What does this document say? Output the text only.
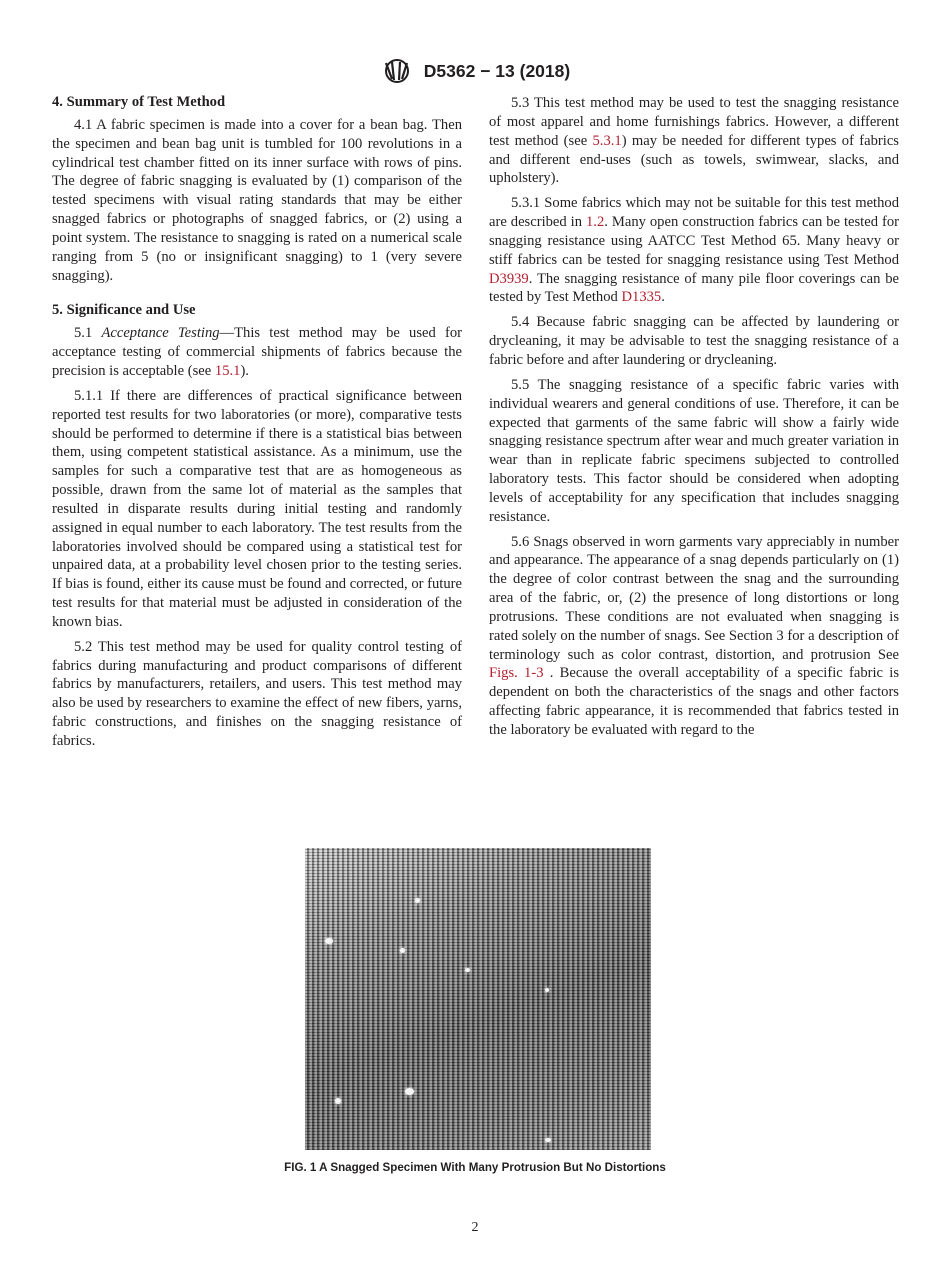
D5362 − 13 (2018)
4. Summary of Test Method

4.1 A fabric specimen is made into a cover for a bean bag. Then the specimen and bean bag unit is tumbled for 100 revolutions in a cylindrical test chamber fitted on its inner surface with rows of pins. The degree of fabric snagging is evaluated by (1) comparison of the tested specimens with visual rating standards that may be either snagged fabrics or photographs of snagged fabrics, or (2) using a point system. The resistance to snagging is rated on a numerical scale ranging from 5 (no or insignificant snagging) to 1 (very severe snagging).

5. Significance and Use

5.1 Acceptance Testing—This test method may be used for acceptance testing of commercial shipments of fabrics because the precision is acceptable (see 15.1).

5.1.1 If there are differences of practical significance between reported test results for two laboratories (or more), comparative tests should be performed to determine if there is a statistical bias between them, using competent statistical assistance. As a minimum, use the samples for such a comparative test that are as homogeneous as possible, drawn from the same lot of material as the samples that resulted in disparate results during initial testing and randomly assigned in equal number to each laboratory. The test results from the laboratories involved should be compared using a statistical test for unpaired data, at a probability level chosen prior to the testing series. If bias is found, either its cause must be found and corrected, or future test results for that material must be adjusted in consideration of the known bias.

5.2 This test method may be used for quality control testing of fabrics during manufacturing and product comparisons of different fabrics by manufacturers, retailers, and users. This test method may also be used by researchers to examine the effect of new fibers, yarns, fabric constructions, and finishes on the snagging resistance of fabrics.

5.3 This test method may be used to test the snagging resistance of most apparel and home furnishings fabrics. However, a different test method (see 5.3.1) may be needed for different types of fabrics and different end-uses (such as towels, swimwear, slacks, and upholstery).

5.3.1 Some fabrics which may not be suitable for this test method are described in 1.2. Many open construction fabrics can be tested for snagging resistance using AATCC Test Method 65. Many heavy or stiff fabrics can be tested for snagging resistance using Test Method D3939. The snagging resistance of many pile floor coverings can be tested by Test Method D1335.

5.4 Because fabric snagging can be affected by laundering or drycleaning, it may be advisable to test the snagging resistance of a fabric before and after laundering or drycleaning.

5.5 The snagging resistance of a specific fabric varies with individual wearers and general conditions of use. Therefore, it can be expected that garments of the same fabric will show a fairly wide snagging resistance spectrum after wear and much greater variation in wear than in replicate fabric specimens subjected to controlled laboratory tests. This factor should be considered when adopting levels of acceptability for any specification that includes snagging resistance.

5.6 Snags observed in worn garments vary appreciably in number and appearance. The appearance of a snag depends particularly on (1) the degree of color contrast between the snag and the surrounding area of the fabric, or, (2) the presence of long distortions or long protrusions. These conditions are not evaluated when snagging is rated solely on the number of snags. See Section 3 for a description of terminology such as color contrast, distortion, and protrusion See Figs. 1-3 . Because the overall acceptability of a specific fabric is dependent on both the characteristics of the snags and other factors affecting fabric appearance, it is recommended that fabrics tested in the laboratory be evaluated with regard to the

FIG. 1 A Snagged Specimen With Many Protrusion But No Distortions
2
